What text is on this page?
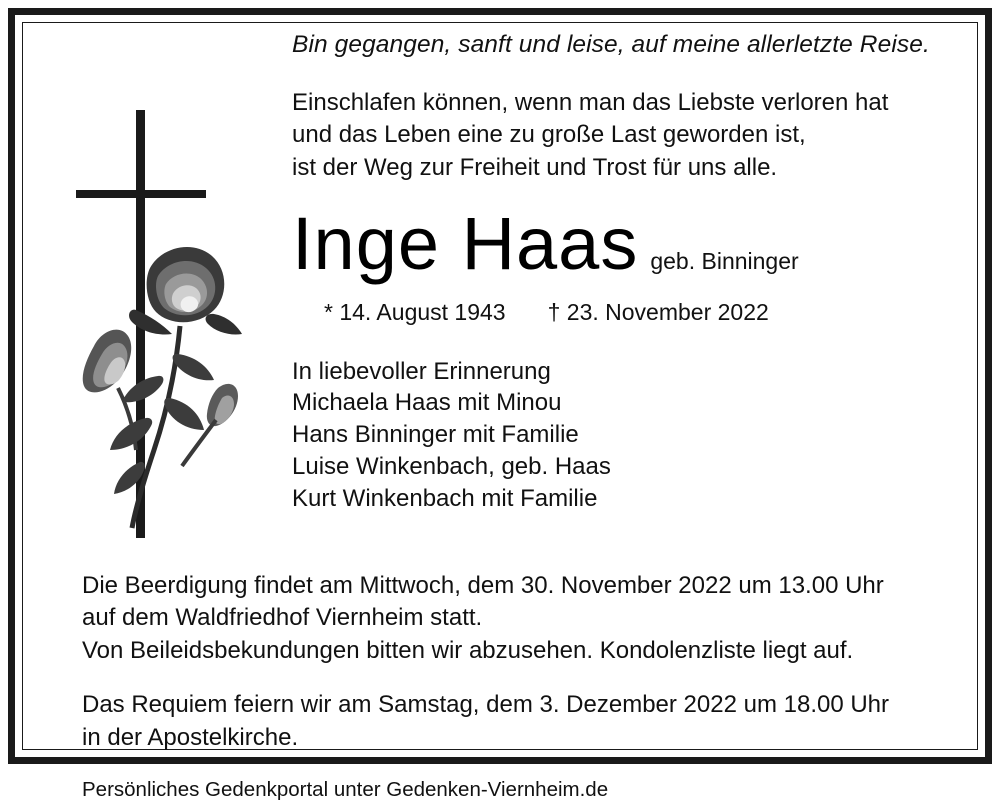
Bin gegangen, sanft und leise, auf meine allerletzte Reise.
Einschlafen können, wenn man das Liebste verloren hat
und das Leben eine zu große Last geworden ist,
ist der Weg zur Freiheit und Trost für uns alle.
Inge Haas geb. Binninger
* 14. August 1943 † 23. November 2022
In liebevoller Erinnerung
Michaela Haas mit Minou
Hans Binninger mit Familie
Luise Winkenbach, geb. Haas
Kurt Winkenbach mit Familie

Die Beerdigung findet am Mittwoch, dem 30. November 2022 um 13.00 Uhr
auf dem Waldfriedhof Viernheim statt.
Von Beileidsbekundungen bitten wir abzusehen. Kondolenzliste liegt auf.

Das Requiem feiern wir am Samstag, dem 3. Dezember 2022 um 18.00 Uhr
in der Apostelkirche.

Persönliches Gedenkportal unter Gedenken-Viernheim.de
